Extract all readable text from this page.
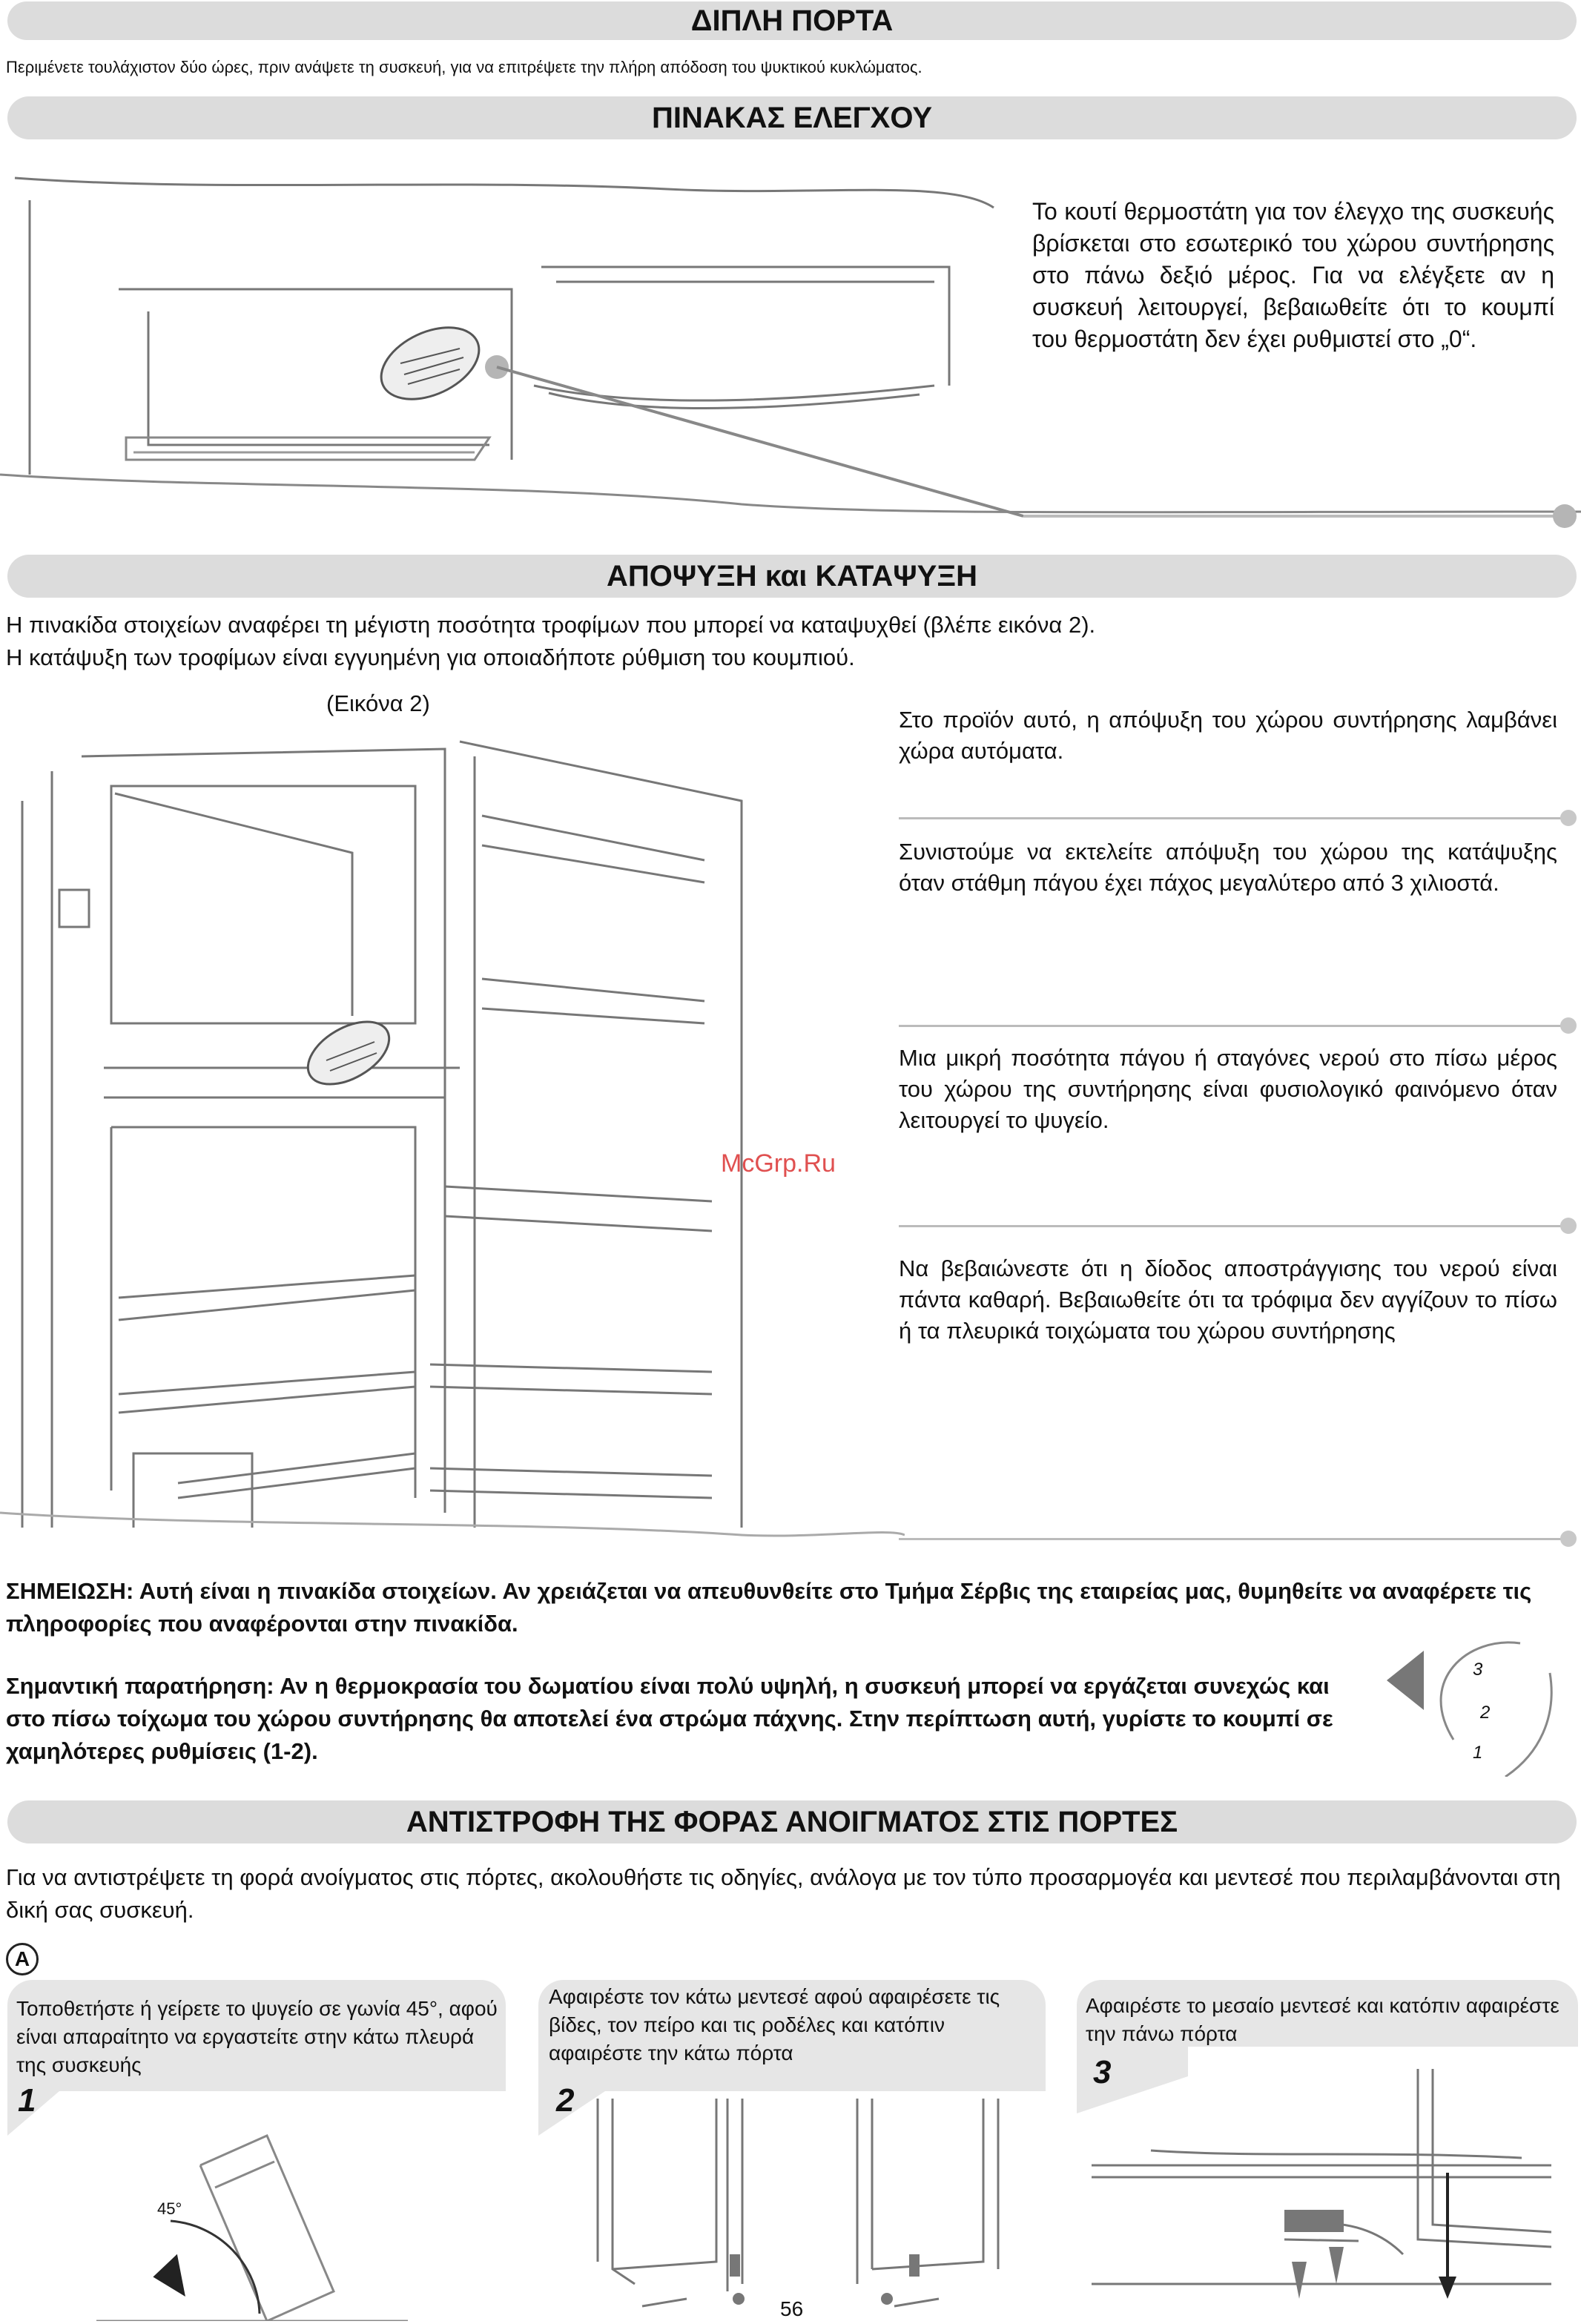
ΔΙΠΛΗ ΠΟΡΤΑ
Περιμένετε τουλάχιστον δύο ώρες, πριν ανάψετε τη συσκευή, για να επιτρέψετε την πλήρη απόδοση του ψυκτικού κυκλώματος.
ΠΙΝΑΚΑΣ ΕΛΕΓΧΟΥ
Το κουτί θερμοστάτη για τον έλεγχο της συσκευής βρίσκεται στο εσωτερικό του χώρου συντήρησης στο πάνω δεξιό μέρος. Για να ελέγξετε αν η συσκευή λειτουργεί, βεβαιωθείτε ότι το κουμπί του θερμοστάτη δεν έχει ρυθμιστεί στο „0“.
ΑΠΟΨΥΞΗ και ΚΑΤΑΨΥΞΗ
Η πινακίδα στοιχείων αναφέρει τη μέγιστη ποσότητα τροφίμων που μπορεί να καταψυχθεί (βλέπε εικόνα 2).
Η κατάψυξη των τροφίμων είναι εγγυημένη για οποιαδήποτε ρύθμιση του κουμπιού.
(Εικόνα 2)
McGrp.Ru
Στο προϊόν αυτό, η απόψυξη του χώρου συντήρησης λαμβάνει χώρα αυτόματα.
Συνιστούμε να εκτελείτε απόψυξη του χώρου της κατάψυξης όταν στάθμη πάγου έχει πάχος μεγαλύτερο από 3 χιλιοστά.
Μια μικρή ποσότητα πάγου ή σταγόνες νερού στο πίσω μέρος του χώρου της συντήρησης είναι φυσιολογικό φαινόμενο όταν λειτουργεί το ψυγείο.
Να βεβαιώνεστε ότι η δίοδος αποστράγγισης του νερού είναι πάντα καθαρή. Βεβαιωθείτε ότι τα τρόφιμα δεν αγγίζουν το πίσω ή τα πλευρικά τοιχώματα του χώρου συντήρησης
ΣΗΜΕΙΩΣΗ: Αυτή είναι η πινακίδα στοιχείων. Αν χρειάζεται να απευθυνθείτε στο Τμήμα Σέρβις της εταιρείας μας, θυμηθείτε να αναφέρετε τις πληροφορίες που αναφέρονται στην πινακίδα.
Σημαντική παρατήρηση: Αν η θερμοκρασία του δωματίου είναι πολύ υψηλή, η συσκευή μπορεί να εργάζεται συνεχώς και στο πίσω τοίχωμα του χώρου συντήρησης θα αποτελεί ένα στρώμα πάχνης. Στην περίπτωση αυτή, γυρίστε το κουμπί σε χαμηλότερες ρυθμίσεις (1-2).
3
2
1
ΑΝΤΙΣΤΡΟΦΗ ΤΗΣ ΦΟΡΑΣ ΑΝΟΙΓΜΑΤΟΣ ΣΤΙΣ ΠΟΡΤΕΣ
Για να αντιστρέψετε τη φορά ανοίγματος στις πόρτες, ακολουθήστε τις οδηγίες, ανάλογα με τον τύπο προσαρμογέα και μεντεσέ που περιλαμβάνονται στη δική σας συσκευή.
A
Τοποθετήστε ή γείρετε το ψυγείο σε γωνία 45°, αφού είναι απαραίτητο να εργαστείτε στην κάτω πλευρά της συσκευής
1
45°
Αφαιρέστε τον κάτω μεντεσέ αφού αφαιρέσετε τις βίδες, τον πείρο και τις ροδέλες και κατόπιν αφαιρέστε την κάτω πόρτα
2
Αφαιρέστε το μεσαίο μεντεσέ και κατόπιν αφαιρέστε την πάνω πόρτα
3
56
